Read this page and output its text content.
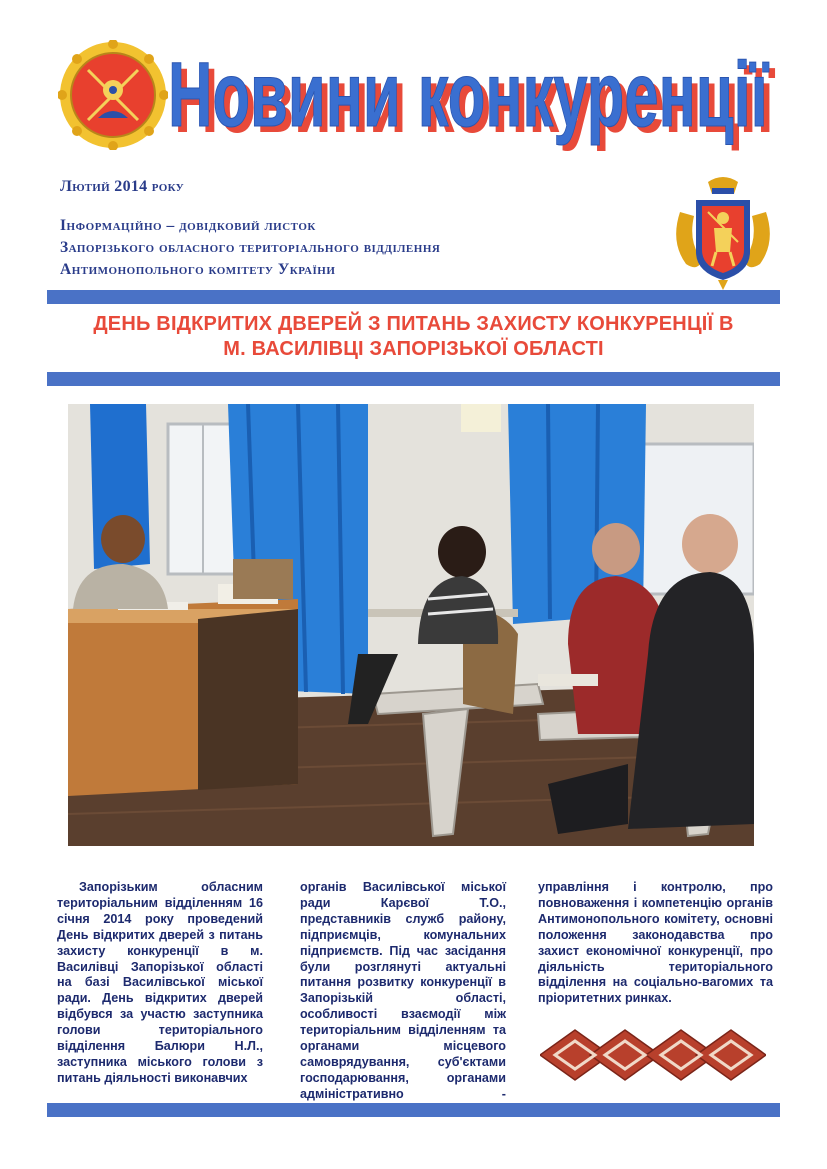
Новини конкуренції
Новини конкуренції
Лютий 2014 року
Інформаційно – довідковий листок
Запорізького обласного територіального відділення
Антимонопольного комітету України
ДЕНЬ ВІДКРИТИХ ДВЕРЕЙ З ПИТАНЬ ЗАХИСТУ КОНКУРЕНЦІЇ В
М. ВАСИЛІВЦІ ЗАПОРІЗЬКОЇ ОБЛАСТІ
Запорізьким обласним територіальним відділенням 16 січня 2014 року проведений День відкритих дверей з питань захисту конкуренції в м. Василівці Запорізької області на базі Василівської міської ради. День відкритих дверей відбувся за участю заступника голови територіального відділення Балюри Н.Л., заступника міського голови з питань діяльності виконавчих
органів Василівської міської ради Карєвої Т.О., представників служб району, підприємців, комунальних підприємств. Під час засідання були розглянуті актуальні питання розвитку конкуренції в Запорізькій області, особливості взаємодії між територіальним відділенням та органами місцевого самоврядування, суб'єктами господарювання, органами адміністративно -
управління і контролю, про повноваження і компетенцію органів Антимонопольного комітету, основні положення законодавства про захист економічної конкуренції, про діяльність територіального відділення на соціально-вагомих та пріоритетних ринках.
